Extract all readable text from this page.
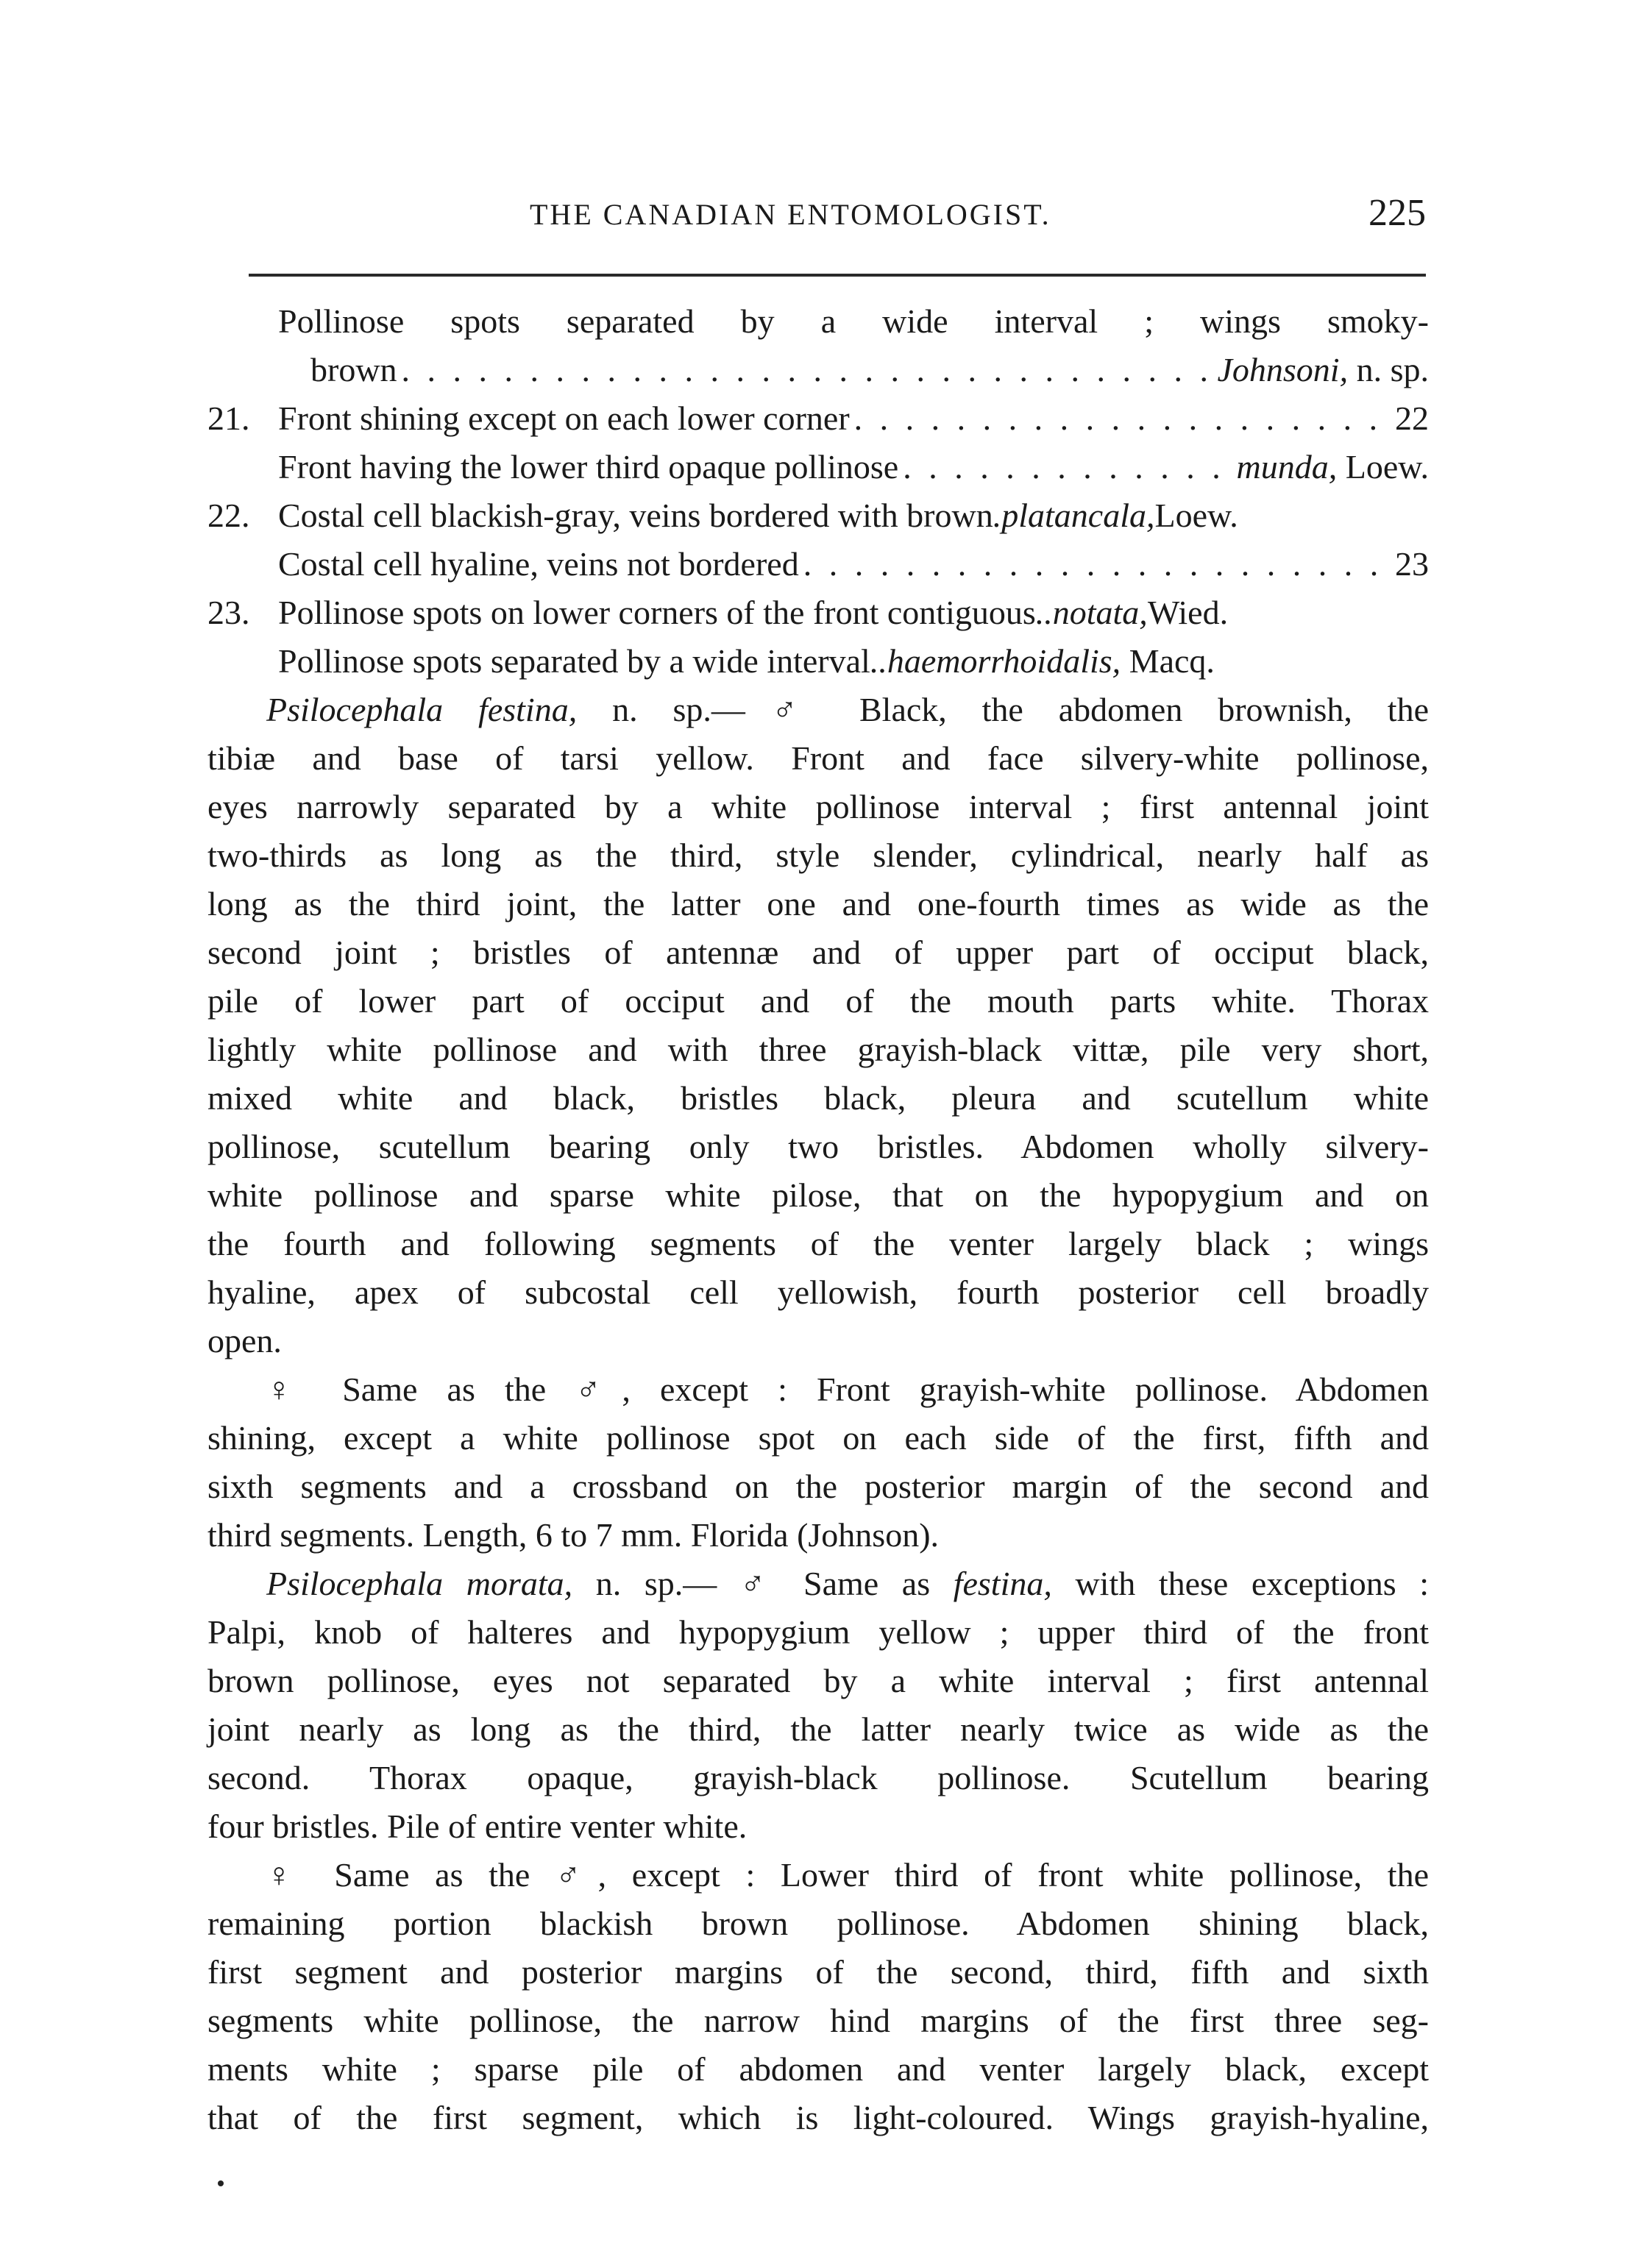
THE CANADIAN ENTOMOLOGIST.	225
Pollinose spots separated by a wide interval ; wings smoky-
brown . . .	Johnsoni, n. sp.
21. Front shining except on each lower corner . . .	22
Front having the lower third opaque pollinose . . .	munda, Loew.
22. Costal cell blackish-gray, veins bordered with brown .platancala,Loew.
Costal cell hyaline, veins not bordered . . .	23
23. Pollinose spots on lower corners of the front contiguous ..notata,Wied.
Pollinose spots separated by a wide interval ..haemorrhoidalis, Macq.
Psilocephala festina, n. sp.—♂ Black, the abdomen brownish, the
tibiæ and base of tarsi yellow. Front and face silvery-white pollinose,
eyes narrowly separated by a white pollinose interval ; first antennal joint
two-thirds as long as the third, style slender, cylindrical, nearly half as
long as the third joint, the latter one and one-fourth times as wide as the
second joint ; bristles of antennæ and of upper part of occiput black,
pile of lower part of occiput and of the mouth parts white. Thorax
lightly white pollinose and with three grayish-black vittæ, pile very short,
mixed white and black, bristles black, pleura and scutellum white
pollinose, scutellum bearing only two bristles. Abdomen wholly silvery-
white pollinose and sparse white pilose, that on the hypopygium and on
the fourth and following segments of the venter largely black ; wings
hyaline, apex of subcostal cell yellowish, fourth posterior cell broadly
open.
♀ Same as the ♂, except : Front grayish-white pollinose. Abdomen
shining, except a white pollinose spot on each side of the first, fifth and
sixth segments and a crossband on the posterior margin of the second and
third segments. Length, 6 to 7 mm. Florida (Johnson).
Psilocephala morata, n. sp.— ♂ Same as festina, with these exceptions :
Palpi, knob of halteres and hypopygium yellow ; upper third of the front
brown pollinose, eyes not separated by a white interval ; first antennal
joint nearly as long as the third, the latter nearly twice as wide as the
second. Thorax opaque, grayish-black pollinose. Scutellum bearing
four bristles. Pile of entire venter white.
♀ Same as the ♂, except : Lower third of front white pollinose, the
remaining portion blackish brown pollinose. Abdomen shining black,
first segment and posterior margins of the second, third, fifth and sixth
segments white pollinose, the narrow hind margins of the first three seg-
ments white ; sparse pile of abdomen and venter largely black, except
that of the first segment, which is light-coloured. Wings grayish-hyaline,
